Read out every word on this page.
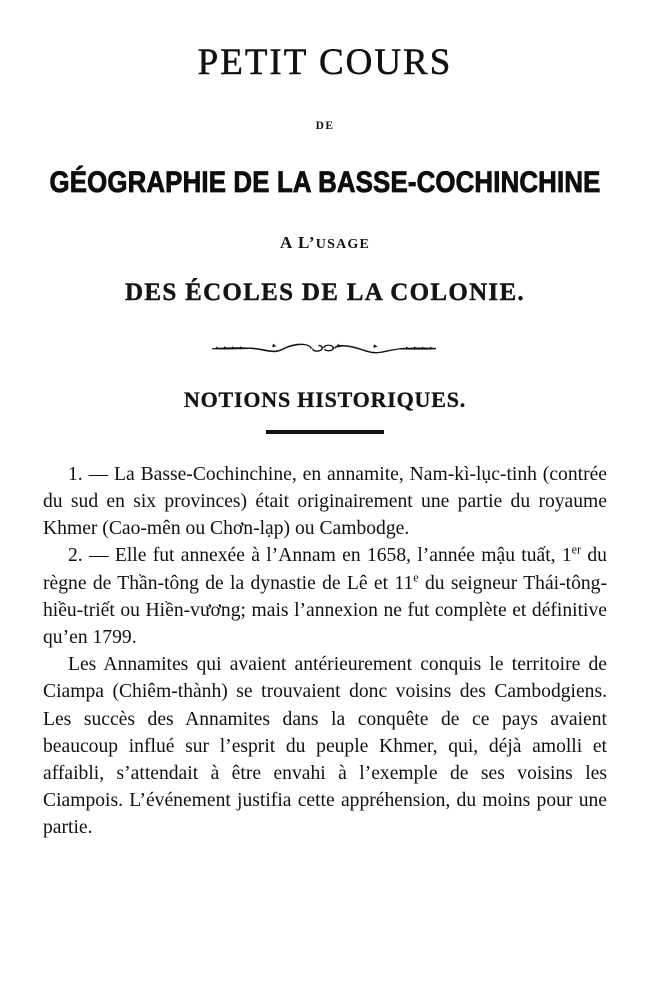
PETIT COURS
DE
GÉOGRAPHIE DE LA BASSE-COCHINCHINE
A L’USAGE
DES ÉCOLES DE LA COLONIE.
NOTIONS HISTORIQUES.

1. — La Basse-Cochinchine, en annamite, Nam-kì-lục-tinh (contrée du sud en six provinces) était originairement une partie du royaume Khmer (Cao-mên ou Chơn-lạp) ou Cambodge.

2. — Elle fut annexée à l’Annam en 1658, l’année mậu tuất, 1er du règne de Thần-tông de la dynastie de Lê et 11e du seigneur Thái-tông-hiều-triết ou Hiền-vương; mais l’annexion ne fut complète et définitive qu’en 1799.

Les Annamites qui avaient antérieurement conquis le territoire de Ciampa (Chiêm-thành) se trouvaient donc voisins des Cambodgiens. Les succès des Annamites dans la conquête de ce pays avaient beaucoup influé sur l’esprit du peuple Khmer, qui, déjà amolli et affaibli, s’attendait à être envahi à l’exemple de ses voisins les Ciampois. L’événement justifia cette appréhension, du moins pour une partie.
